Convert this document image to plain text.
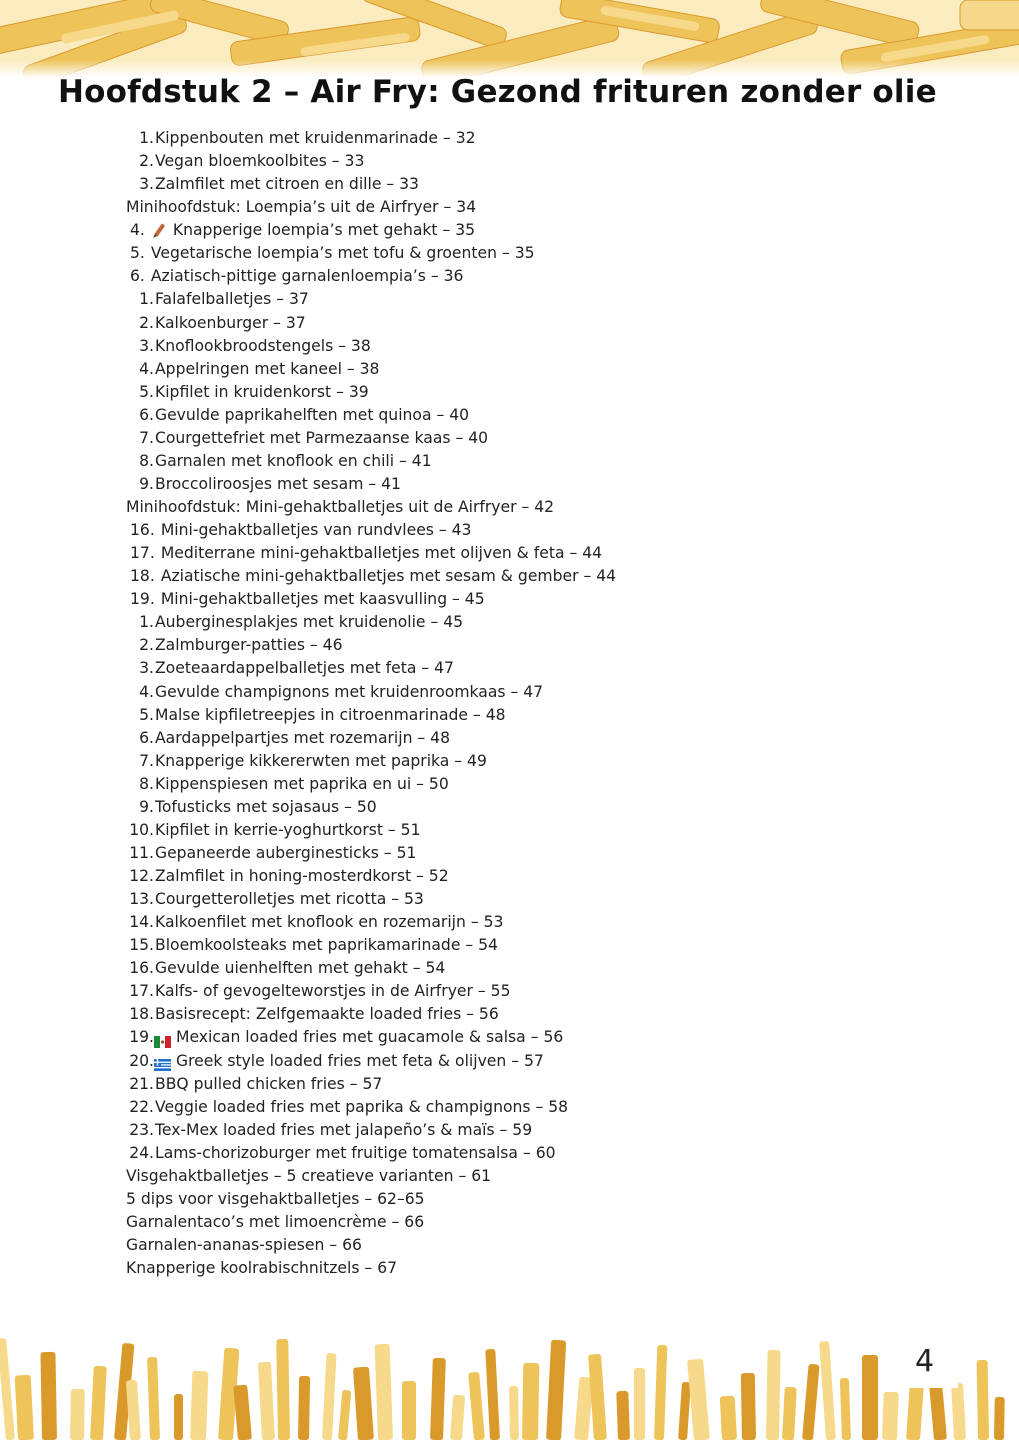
Hoofdstuk 2 – Air Fry: Gezond frituren zonder olie
1. Kippenbouten met kruidenmarinade – 32
2. Vegan bloemkoolbites – 33
3. Zalmfilet met citroen en dille – 33
Minihoofdstuk: Loempia’s uit de Airfryer – 34
4.	Knapperige loempia’s met gehakt – 35
5. Vegetarische loempia’s met tofu & groenten – 35
6. Aziatisch-pittige garnalenloempia’s – 36
1. Falafelballetjes – 37
2. Kalkoenburger – 37
3. Knoflookbroodstengels – 38
4. Appelringen met kaneel – 38
5. Kipfilet in kruidenkorst – 39
6. Gevulde paprikahelften met quinoa – 40
7. Courgettefriet met Parmezaanse kaas – 40
8. Garnalen met knoflook en chili – 41
9. Broccoliroosjes met sesam – 41
Minihoofdstuk: Mini-gehaktballetjes uit de Airfryer – 42
16. Mini-gehaktballetjes van rundvlees – 43
17. Mediterrane mini-gehaktballetjes met olijven & feta – 44
18. Aziatische mini-gehaktballetjes met sesam & gember – 44
19. Mini-gehaktballetjes met kaasvulling – 45
1. Auberginesplakjes met kruidenolie – 45
2. Zalmburger-patties – 46
3. Zoeteaardappelballetjes met feta – 47
4. Gevulde champignons met kruidenroomkaas – 47
5. Malse kipfiletreepjes in citroenmarinade – 48
6. Aardappelpartjes met rozemarijn – 48
7. Knapperige kikkererwten met paprika – 49
8. Kippenspiesen met paprika en ui – 50
9. Tofusticks met sojasaus – 50
10. Kipfilet in kerrie-yoghurtkorst – 51
11. Gepaneerde auberginesticks – 51
12. Zalmfilet in honing-mosterdkorst – 52
13. Courgetterolletjes met ricotta – 53
14. Kalkoenfilet met knoflook en rozemarijn – 53
15. Bloemkoolsteaks met paprikamarinade – 54
16. Gevulde uienhelften met gehakt – 54
17. Kalfs- of gevogelteworstjes in de Airfryer – 55
18. Basisrecept: Zelfgemaakte loaded fries – 56
19. Mexican loaded fries met guacamole & salsa – 56
20. Greek style loaded fries met feta & olijven – 57
21. BBQ pulled chicken fries – 57
22. Veggie loaded fries met paprika & champignons – 58
23. Tex-Mex loaded fries met jalapeño’s & maïs – 59
24. Lams-chorizoburger met fruitige tomatensalsa – 60
Visgehaktballetjes – 5 creatieve varianten – 61
5 dips voor visgehaktballetjes – 62–65
Garnalentaco’s met limoencrème – 66
Garnalen-ananas-spiesen – 66
Knapperige koolrabischnitzels – 67
4
